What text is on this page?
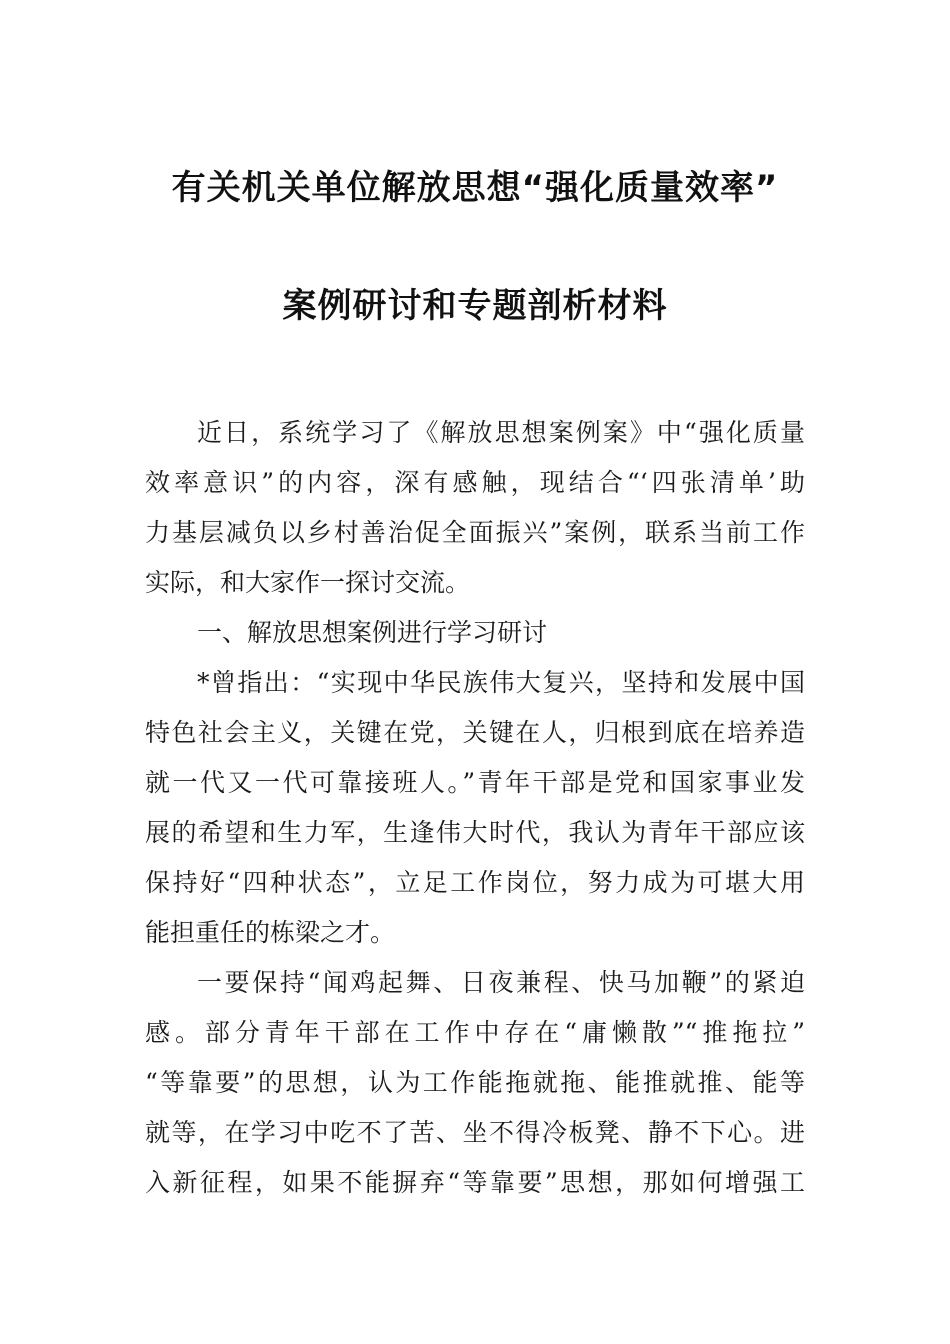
有关机关单位解放思想“强化质量效率”
案例研讨和专题剖析材料
近日，系统学习了《解放思想案例案》中“强化质量
效率意识”的内容，深有感触，现结合“‘四张清单’助
力基层减负以乡村善治促全面振兴”案例，联系当前工作
实际，和大家作一探讨交流。
一、解放思想案例进行学习研讨
*曾指出：“实现中华民族伟大复兴，坚持和发展中国
特色社会主义，关键在党，关键在人，归根到底在培养造
就一代又一代可靠接班人。”青年干部是党和国家事业发
展的希望和生力军，生逢伟大时代，我认为青年干部应该
保持好“四种状态”，立足工作岗位，努力成为可堪大用
能担重任的栋梁之才。
一要保持“闻鸡起舞、日夜兼程、快马加鞭”的紧迫
感。部分青年干部在工作中存在“庸懒散”“推拖拉”
“等靠要”的思想，认为工作能拖就拖、能推就推、能等
就等，在学习中吃不了苦、坐不得冷板凳、静不下心。进
入新征程，如果不能摒弃“等靠要”思想，那如何增强工
